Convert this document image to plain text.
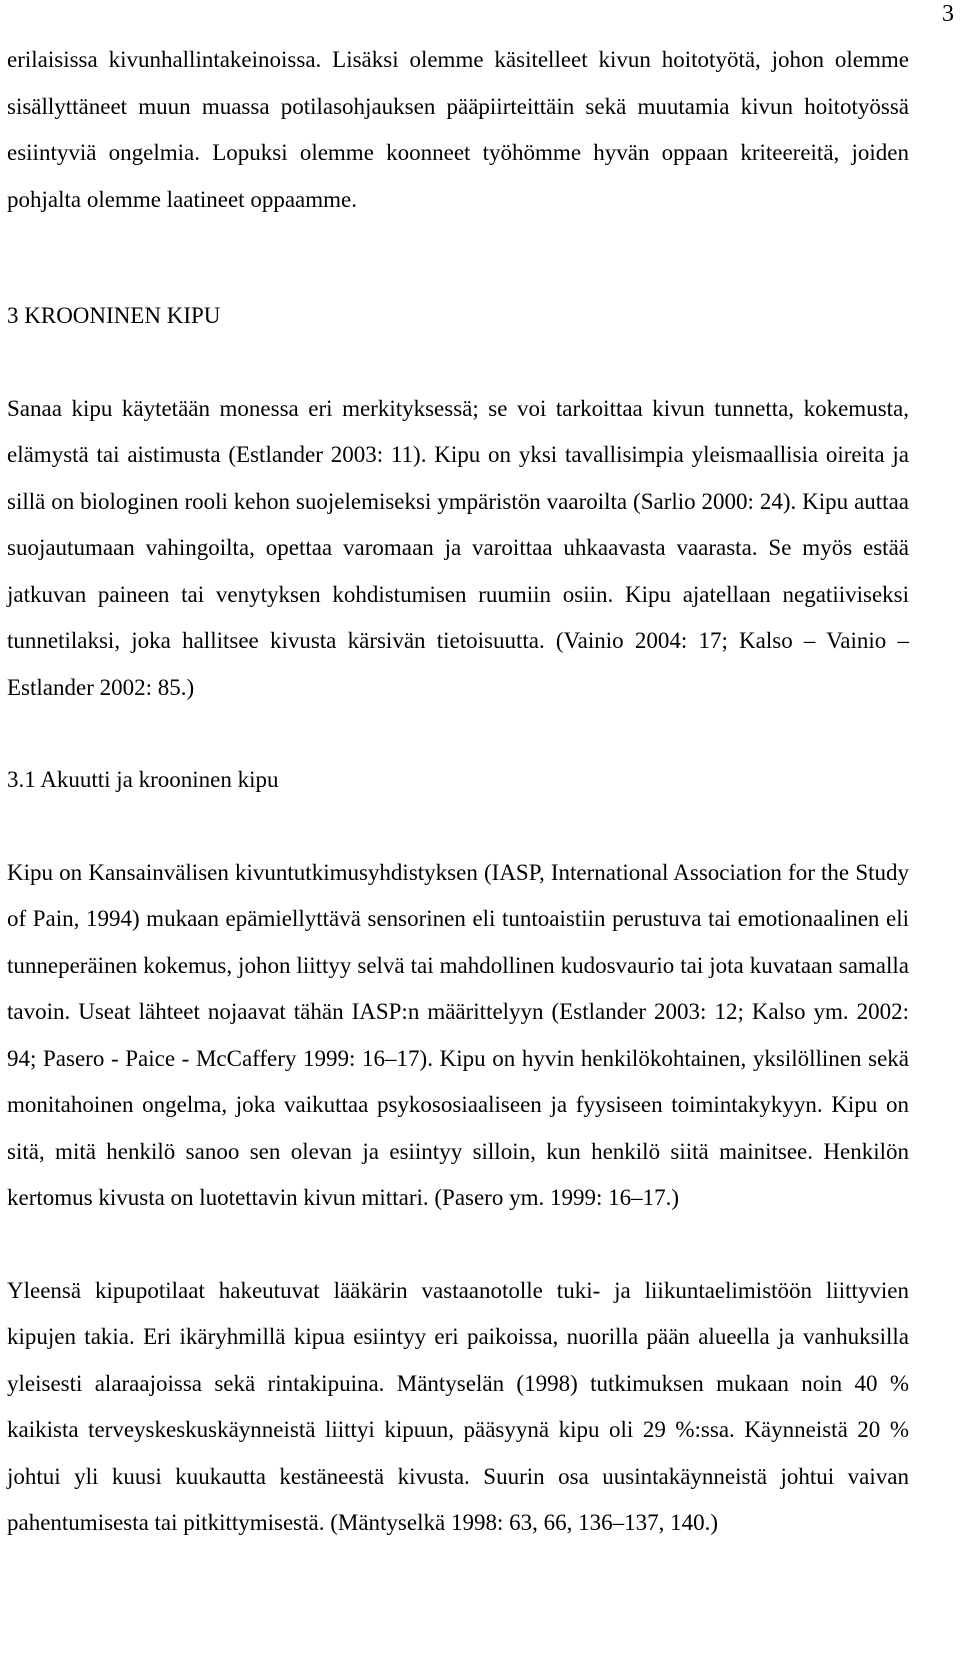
3

erilaisissa kivunhallintakeinoissa. Lisäksi olemme käsitelleet kivun hoitotyötä, johon olemme sisällyttäneet muun muassa potilasohjauksen pääpiirteittäin sekä muutamia kivun hoitotyössä esiintyviä ongelmia. Lopuksi olemme koonneet työhömme hyvän oppaan kriteereitä, joiden pohjalta olemme laatineet oppaamme.

3 KROONINEN KIPU

Sanaa kipu käytetään monessa eri merkityksessä; se voi tarkoittaa kivun tunnetta, kokemusta, elämystä tai aistimusta (Estlander 2003: 11). Kipu on yksi tavallisimpia yleismaallisia oireita ja sillä on biologinen rooli kehon suojelemiseksi ympäristön vaaroilta (Sarlio 2000: 24). Kipu auttaa suojautumaan vahingoilta, opettaa varomaan ja varoittaa uhkaavasta vaarasta. Se myös estää jatkuvan paineen tai venytyksen kohdistumisen ruumiin osiin. Kipu ajatellaan negatiiviseksi tunnetilaksi, joka hallitsee kivusta kärsivän tietoisuutta. (Vainio 2004: 17; Kalso – Vainio – Estlander 2002: 85.)

3.1 Akuutti ja krooninen kipu

Kipu on Kansainvälisen kivuntutkimusyhdistyksen (IASP, International Association for the Study of Pain, 1994) mukaan epämiellyttävä sensorinen eli tuntoaistiin perustuva tai emotionaalinen eli tunneperäinen kokemus, johon liittyy selvä tai mahdollinen kudosvaurio tai jota kuvataan samalla tavoin. Useat lähteet nojaavat tähän IASP:n määrittelyyn (Estlander 2003: 12; Kalso ym. 2002: 94; Pasero - Paice - McCaffery 1999: 16–17). Kipu on hyvin henkilökohtainen, yksilöllinen sekä monitahoinen ongelma, joka vaikuttaa psykososiaaliseen ja fyysiseen toimintakykyyn. Kipu on sitä, mitä henkilö sanoo sen olevan ja esiintyy silloin, kun henkilö siitä mainitsee. Henkilön kertomus kivusta on luotettavin kivun mittari. (Pasero ym. 1999: 16–17.)

Yleensä kipupotilaat hakeutuvat lääkärin vastaanotolle tuki- ja liikuntaelimistöön liittyvien kipujen takia. Eri ikäryhmillä kipua esiintyy eri paikoissa, nuorilla pään alueella ja vanhuksilla yleisesti alaraajoissa sekä rintakipuina. Mäntyselän (1998) tutkimuksen mukaan noin 40 % kaikista terveyskeskuskäynneistä liittyi kipuun, pääsyynä kipu oli 29 %:ssa. Käynneistä 20 % johtui yli kuusi kuukautta kestäneestä kivusta. Suurin osa uusintakäynneistä johtui vaivan pahentumisesta tai pitkittymisestä. (Mäntyselkä 1998: 63, 66, 136–137, 140.)
